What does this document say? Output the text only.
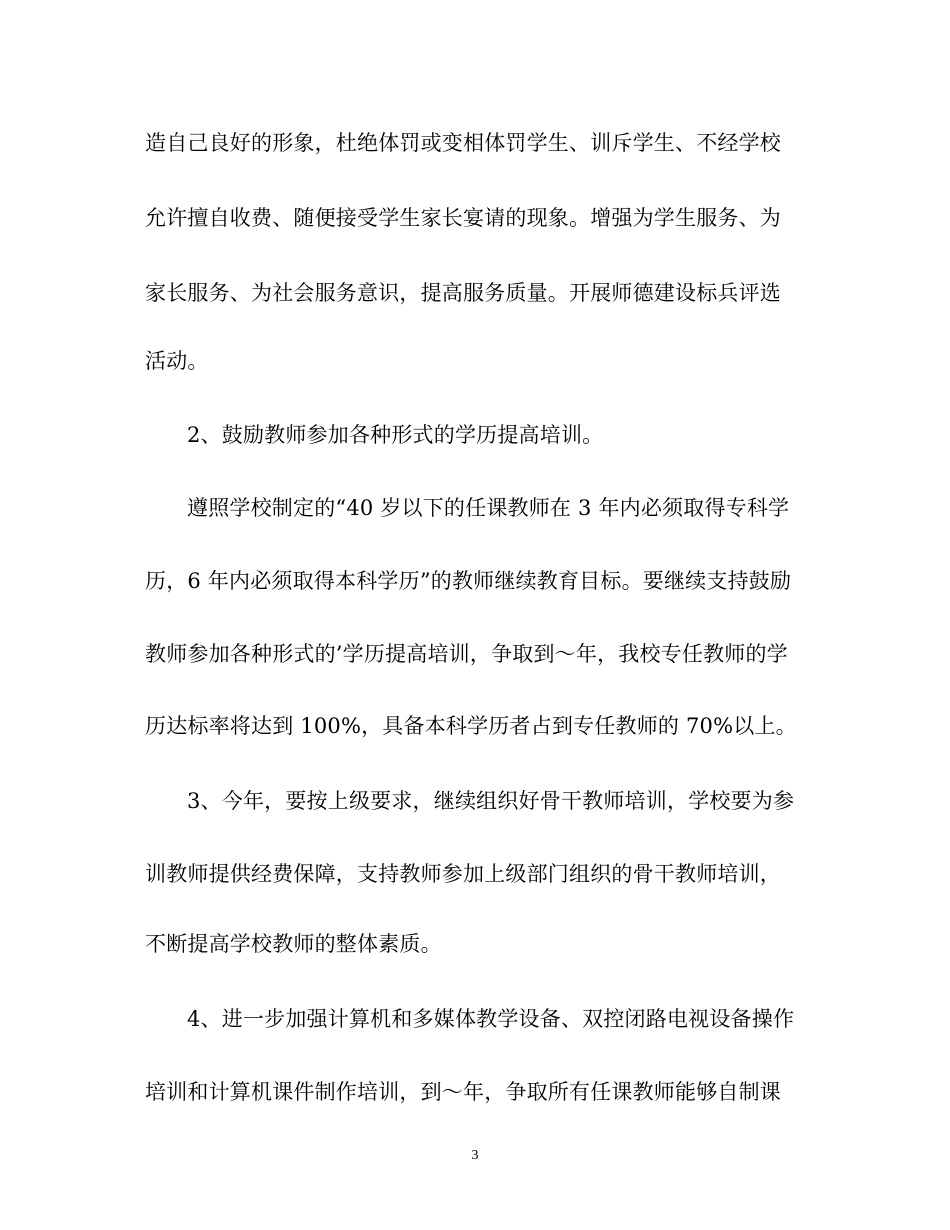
造自己良好的形象，杜绝体罚或变相体罚学生、训斥学生、不经学校
允许擅自收费、随便接受学生家长宴请的现象。增强为学生服务、为
家长服务、为社会服务意识，提高服务质量。开展师德建设标兵评选
活动。
2、鼓励教师参加各种形式的学历提高培训。
遵照学校制定的“40 岁以下的任课教师在 3 年内必须取得专科学
历，6 年内必须取得本科学历”的教师继续教育目标。要继续支持鼓励
教师参加各种形式的’学历提高培训，争取到～年，我校专任教师的学
历达标率将达到 100%，具备本科学历者占到专任教师的 70%以上。
3、今年，要按上级要求，继续组织好骨干教师培训，学校要为参
训教师提供经费保障，支持教师参加上级部门组织的骨干教师培训，
不断提高学校教师的整体素质。
4、进一步加强计算机和多媒体教学设备、双控闭路电视设备操作
培训和计算机课件制作培训，到～年，争取所有任课教师能够自制课
3
